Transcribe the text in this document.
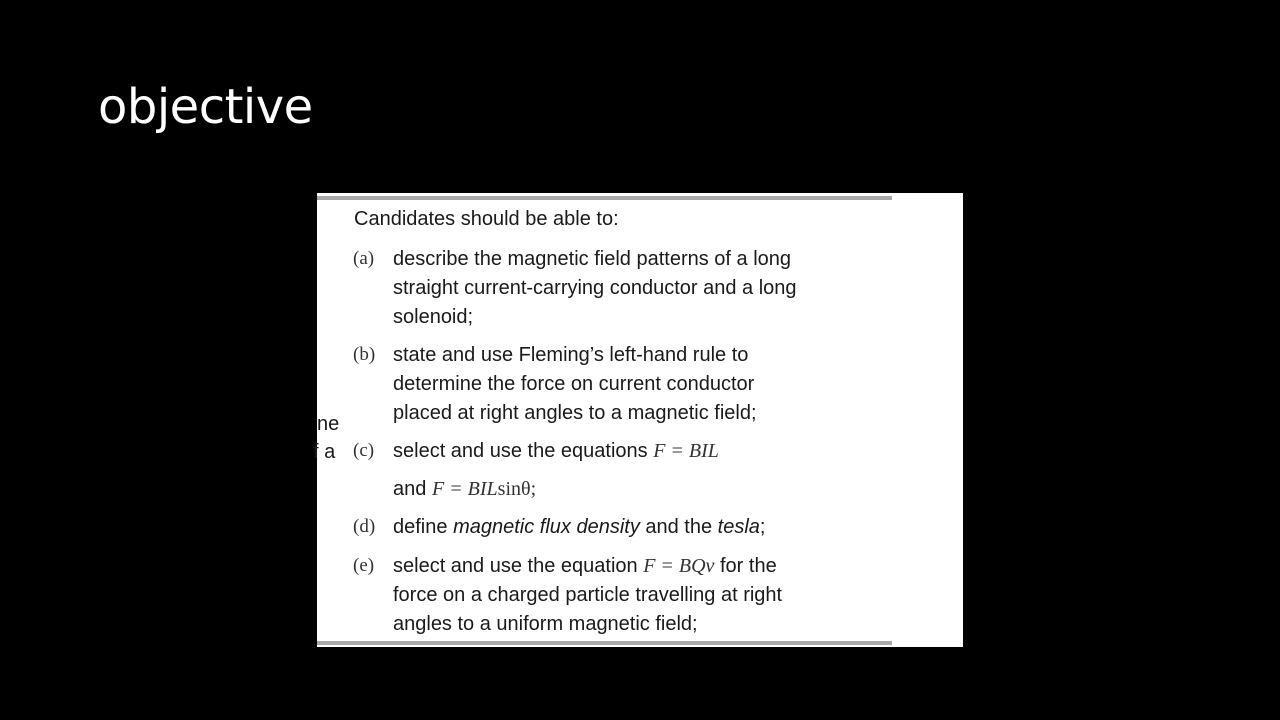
objective
Candidates should be able to:
ne
f a
(a) describe the magnetic field patterns of a long
straight current-carrying conductor and a long
solenoid;
(b) state and use Fleming’s left-hand rule to
determine the force on current conductor
placed at right angles to a magnetic field;
(c) select and use the equations F = BIL
and F = BILsinθ;
(d) define magnetic flux density and the tesla;
(e) select and use the equation F = BQv for the
force on a charged particle travelling at right
angles to a uniform magnetic field;
